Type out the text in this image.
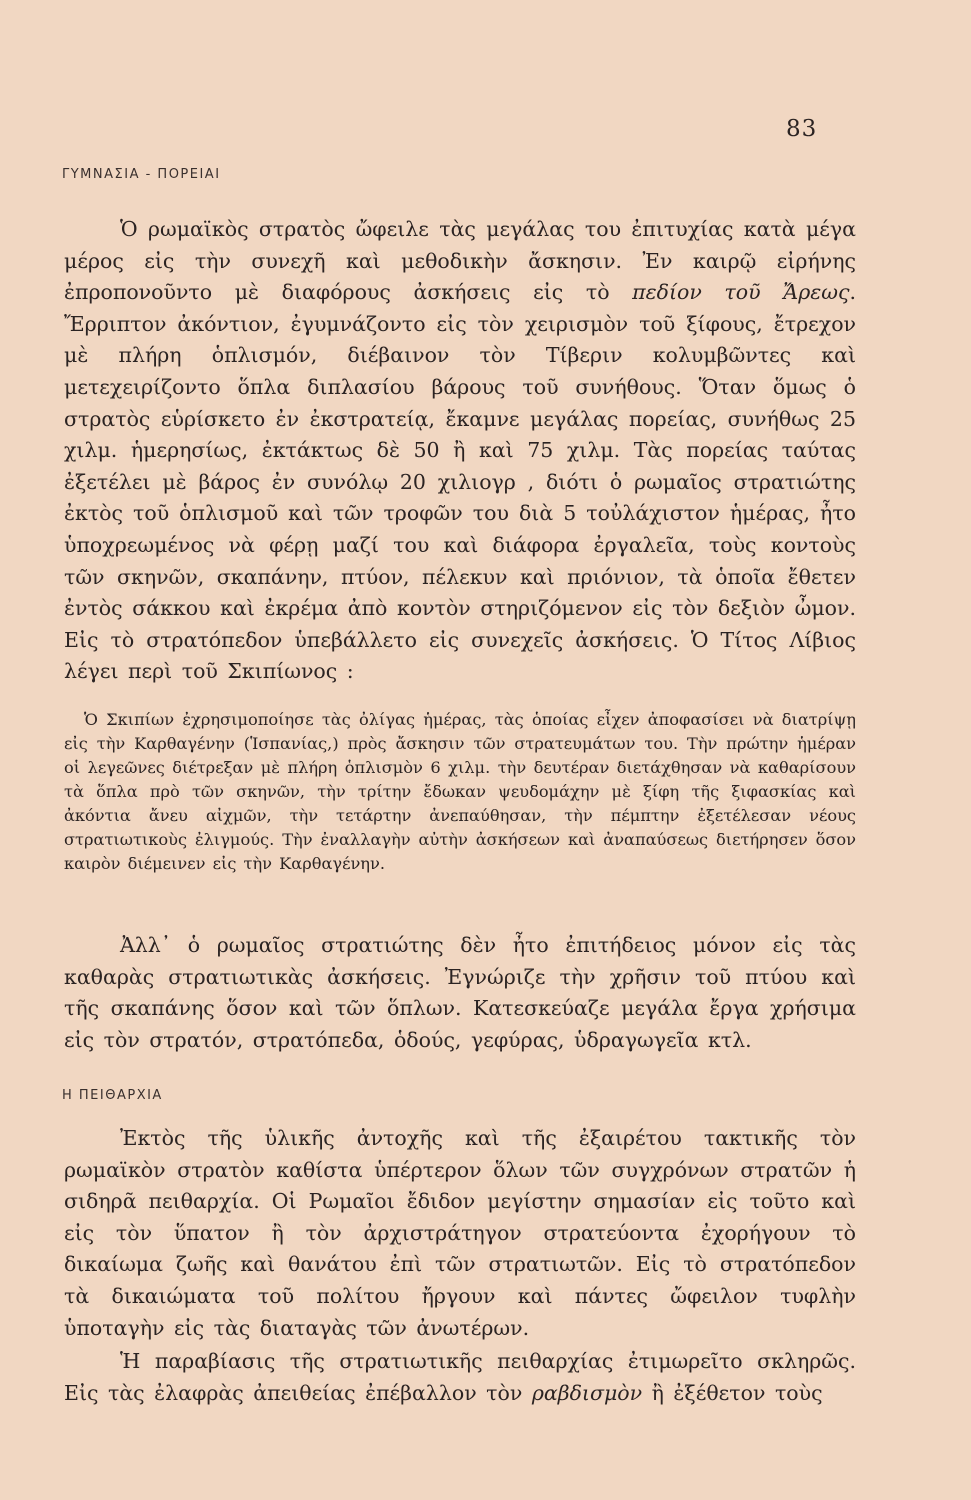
83
ΓΥΜΝΑΣΙΑ - ΠΟΡΕΙΑΙ

Ὁ ρωμαϊκὸς στρατὸς ὤφειλε τὰς μεγάλας του ἐπιτυχίας κατὰ μέγα μέρος εἰς τὴν συνεχῆ καὶ μεθοδικὴν ἄσκησιν. Ἐν καιρῷ εἰρήνης ἐπροπονοῦντο μὲ διαφόρους ἀσκήσεις εἰς τὸ πεδίον τοῦ Ἄρεως. Ἔρριπτον ἀκόντιον, ἐγυμνάζοντο εἰς τὸν χειρισμὸν τοῦ ξίφους, ἔτρεχον μὲ πλήρη ὁπλισμόν, διέβαινον τὸν Τίβεριν κολυμβῶντες καὶ μετεχειρίζοντο ὅπλα διπλασίου βάρους τοῦ συνήθους. Ὅταν ὅμως ὁ στρατὸς εὑρίσκετο ἐν ἐκστρατείᾳ, ἔκαμνε μεγάλας πορείας, συνήθως 25 χιλμ. ἡμερησίως, ἐκτάκτως δὲ 50 ἢ καὶ 75 χιλμ. Τὰς πορείας ταύτας ἐξετέλει μὲ βάρος ἐν συνόλῳ 20 χιλιογρ , διότι ὁ ρωμαῖος στρατιώτης ἐκτὸς τοῦ ὁπλισμοῦ καὶ τῶν τροφῶν του διὰ 5 τοὐλάχιστον ἡμέρας, ἦτο ὑποχρεωμένος νὰ φέρῃ μαζί του καὶ διάφορα ἐργαλεῖα, τοὺς κοντοὺς τῶν σκηνῶν, σκαπάνην, πτύον, πέλεκυν καὶ πριόνιον, τὰ ὁποῖα ἔθετεν ἐντὸς σάκκου καὶ ἐκρέμα ἀπὸ κοντὸν στηριζόμενον εἰς τὸν δεξιὸν ὦμον. Εἰς τὸ στρατόπεδον ὑπεβάλλετο εἰς συνεχεῖς ἀσκήσεις. Ὁ Τίτος Λίβιος λέγει περὶ τοῦ Σκιπίωνος :

Ὁ Σκιπίων ἐχρησιμοποίησε τὰς ὀλίγας ἡμέρας, τὰς ὁποίας εἶχεν ἀποφασίσει νὰ διατρίψῃ εἰς τὴν Καρθαγένην (Ἱσπανίας,) πρὸς ἄσκησιν τῶν στρατευμάτων του. Τὴν πρώτην ἡμέραν οἱ λεγεῶνες διέτρεξαν μὲ πλήρη ὁπλισμὸν 6 χιλμ. τὴν δευτέραν διετάχθησαν νὰ καθαρίσουν τὰ ὅπλα πρὸ τῶν σκηνῶν, τὴν τρίτην ἔδωκαν ψευδομάχην μὲ ξίφη τῆς ξιφασκίας καὶ ἀκόντια ἄνευ αἰχμῶν, τὴν τετάρτην ἀνεπαύθησαν, τὴν πέμπτην ἐξετέλεσαν νέους στρατιωτικοὺς ἐλιγμούς. Τὴν ἐναλλαγὴν αὐτὴν ἀσκήσεων καὶ ἀναπαύσεως διετήρησεν ὅσον καιρὸν διέμεινεν εἰς τὴν Καρθαγένην.

Ἀλλ᾽ ὁ ρωμαῖος στρατιώτης δὲν ἦτο ἐπιτήδειος μόνον εἰς τὰς καθαρὰς στρατιωτικὰς ἀσκήσεις. Ἐγνώριζε τὴν χρῆσιν τοῦ πτύου καὶ τῆς σκαπάνης ὅσον καὶ τῶν ὅπλων. Κατεσκεύαζε μεγάλα ἔργα χρήσιμα εἰς τὸν στρατόν, στρατόπεδα, ὁδούς, γεφύρας, ὑδραγωγεῖα κτλ.

Η ΠΕΙΘΑΡΧΙΑ

Ἐκτὸς τῆς ὑλικῆς ἀντοχῆς καὶ τῆς ἐξαιρέτου τακτικῆς τὸν ρωμαϊκὸν στρατὸν καθίστα ὑπέρτερον ὅλων τῶν συγχρόνων στρατῶν ἡ σιδηρᾶ πειθαρχία. Οἱ Ρωμαῖοι ἔδιδον μεγίστην σημασίαν εἰς τοῦτο καὶ εἰς τὸν ὕπατον ἢ τὸν ἀρχιστράτηγον στρατεύοντα ἐχορήγουν τὸ δικαίωμα ζωῆς καὶ θανάτου ἐπὶ τῶν στρατιωτῶν. Εἰς τὸ στρατόπεδον τὰ δικαιώματα τοῦ πολίτου ἤργουν καὶ πάντες ὤφειλον τυφλὴν ὑποταγὴν εἰς τὰς διαταγὰς τῶν ἀνωτέρων.

Ἡ παραβίασις τῆς στρατιωτικῆς πειθαρχίας ἐτιμωρεῖτο σκληρῶς. Εἰς τὰς ἐλαφρὰς ἀπειθείας ἐπέβαλλον τὸν ραβδισμὸν ἢ ἐξέθετον τοὺς
